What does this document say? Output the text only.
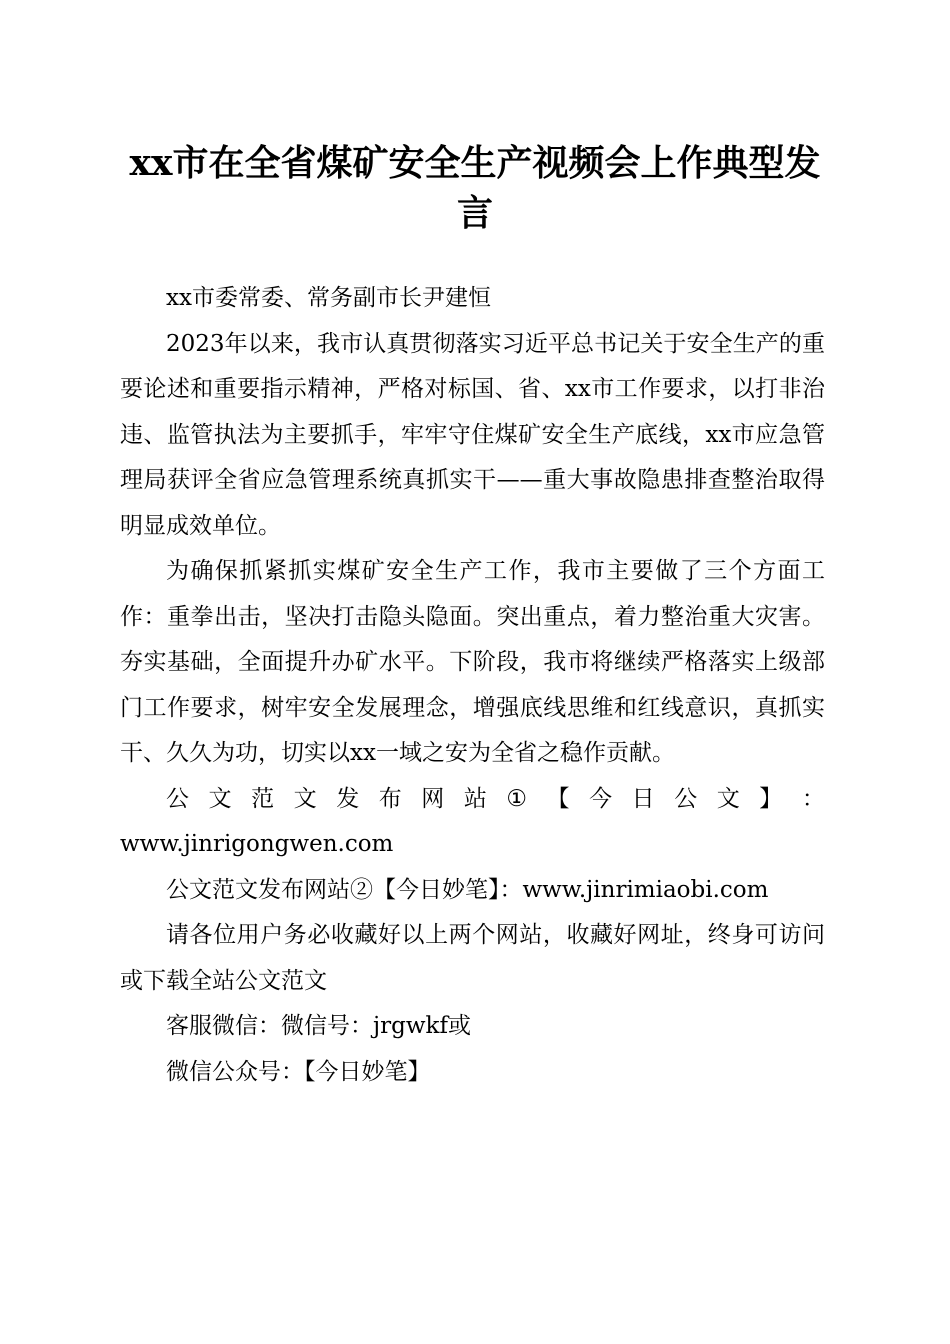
xx市在全省煤矿安全生产视频会上作典型发言

xx市委常委、常务副市长尹建恒

2023年以来，我市认真贯彻落实习近平总书记关于安全生产的重要论述和重要指示精神，严格对标国、省、xx市工作要求，以打非治违、监管执法为主要抓手，牢牢守住煤矿安全生产底线，xx市应急管理局获评全省应急管理系统真抓实干——重大事故隐患排查整治取得明显成效单位。

为确保抓紧抓实煤矿安全生产工作，我市主要做了三个方面工作：重拳出击，坚决打击隐头隐面。突出重点，着力整治重大灾害。夯实基础，全面提升办矿水平。下阶段，我市将继续严格落实上级部门工作要求，树牢安全发展理念，增强底线思维和红线意识，真抓实干、久久为功，切实以xx一域之安为全省之稳作贡献。

公 文 范 文 发 布 网 站 ① 【 今 日 公 文 】 ：
www.jinrigongwen.com

公文范文发布网站②【今日妙笔】：www.jinrimiaobi.com

请各位用户务必收藏好以上两个网站，收藏好网址，终身可访问或下载全站公文范文

客服微信：微信号：jrgwkf或

微信公众号：【今日妙笔】
